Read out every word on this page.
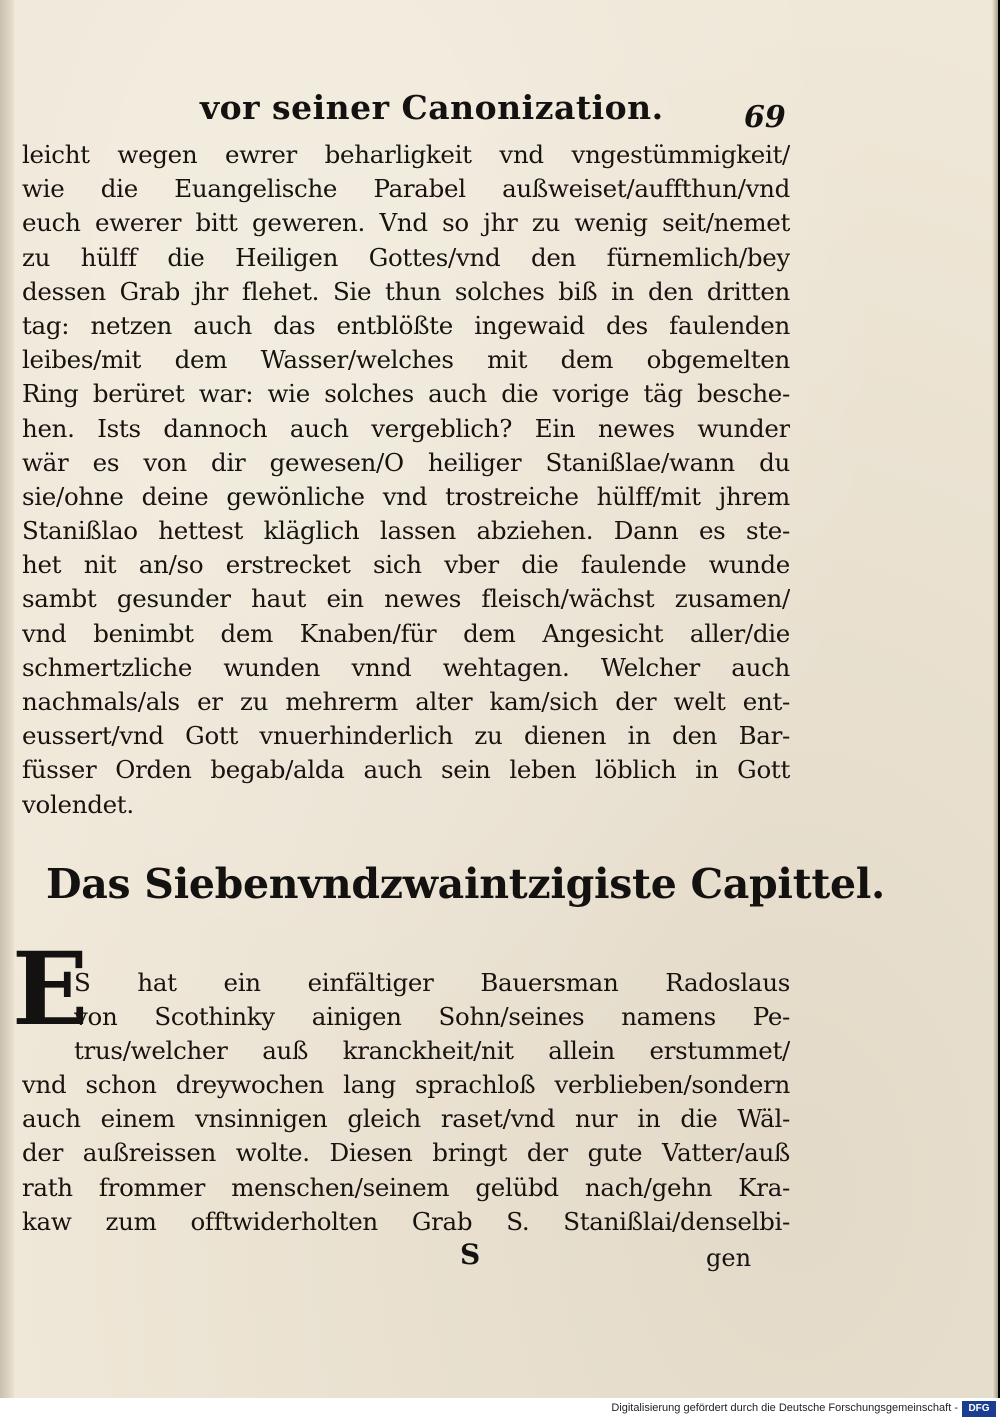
vor seiner Canonization.	69
leicht wegen ewrer beharligkeit vnd vngestümmigkeit/
wie die Euangelische Parabel außweiset/auffthun/vnd
euch ewerer bitt geweren. Vnd so jhr zu wenig seit/nemet
zu hülff die Heiligen Gottes/vnd den fürnemlich/bey
dessen Grab jhr flehet. Sie thun solches biß in den dritten
tag: netzen auch das entblößte ingewaid des faulenden
leibes/mit dem Wasser/welches mit dem obgemelten
Ring berüret war: wie solches auch die vorige täg besche-
hen. Ists dannoch auch vergeblich? Ein newes wunder
wär es von dir gewesen/O heiliger Stanißlae/wann du
sie/ohne deine gewönliche vnd trostreiche hülff/mit jhrem
Stanißlao hettest kläglich lassen abziehen. Dann es ste-
het nit an/so erstrecket sich vber die faulende wunde
sambt gesunder haut ein newes fleisch/wächst zusamen/
vnd benimbt dem Knaben/für dem Angesicht aller/die
schmertzliche wunden vnnd wehtagen. Welcher auch
nachmals/als er zu mehrerm alter kam/sich der welt ent-
eussert/vnd Gott vnuerhinderlich zu dienen in den Bar-
füsser Orden begab/alda auch sein leben löblich in Gott
volendet.
Das Siebenvndzwaintzigiste Capittel.
E
S hat ein einfältiger Bauersman Radoslaus
von Scothinky ainigen Sohn/seines namens Pe-
trus/welcher auß kranckheit/nit allein erstummet/
vnd schon dreywochen lang sprachloß verblieben/sondern
auch einem vnsinnigen gleich raset/vnd nur in die Wäl-
der außreissen wolte. Diesen bringt der gute Vatter/auß
rath frommer menschen/seinem gelübd nach/gehn Kra-
kaw zum offtwiderholten Grab S. Stanißlai/denselbi-
S	gen
Digitalisierung gefördert durch die Deutsche Forschungsgemeinschaft -	DFG
